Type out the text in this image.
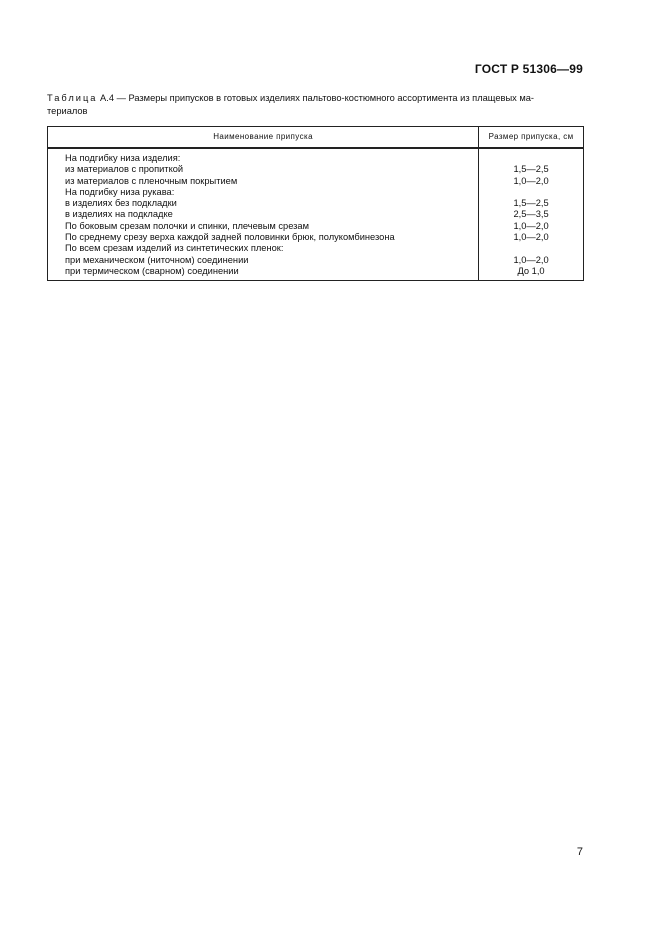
ГОСТ Р 51306—99
Таблица А.4 — Размеры припусков в готовых изделиях пальтово-костюмного ассортимента из плащевых ма-
териалов
Наименование припуска	Размер припуска, см
На подгибку низа изделия:	
из материалов с пропиткой	1,5—2,5
из материалов с пленочным покрытием	1,0—2,0
На подгибку низа рукава:	
в изделиях без подкладки	1,5—2,5
в изделиях на подкладке	2,5—3,5
По боковым срезам полочки и спинки, плечевым срезам	1,0—2,0
По среднему срезу верха каждой задней половинки брюк, полукомбинезона	1,0—2,0
По всем срезам изделий из синтетических пленок:	
при механическом (ниточном) соединении	1,0—2,0
при термическом (сварном) соединении	До 1,0
7
